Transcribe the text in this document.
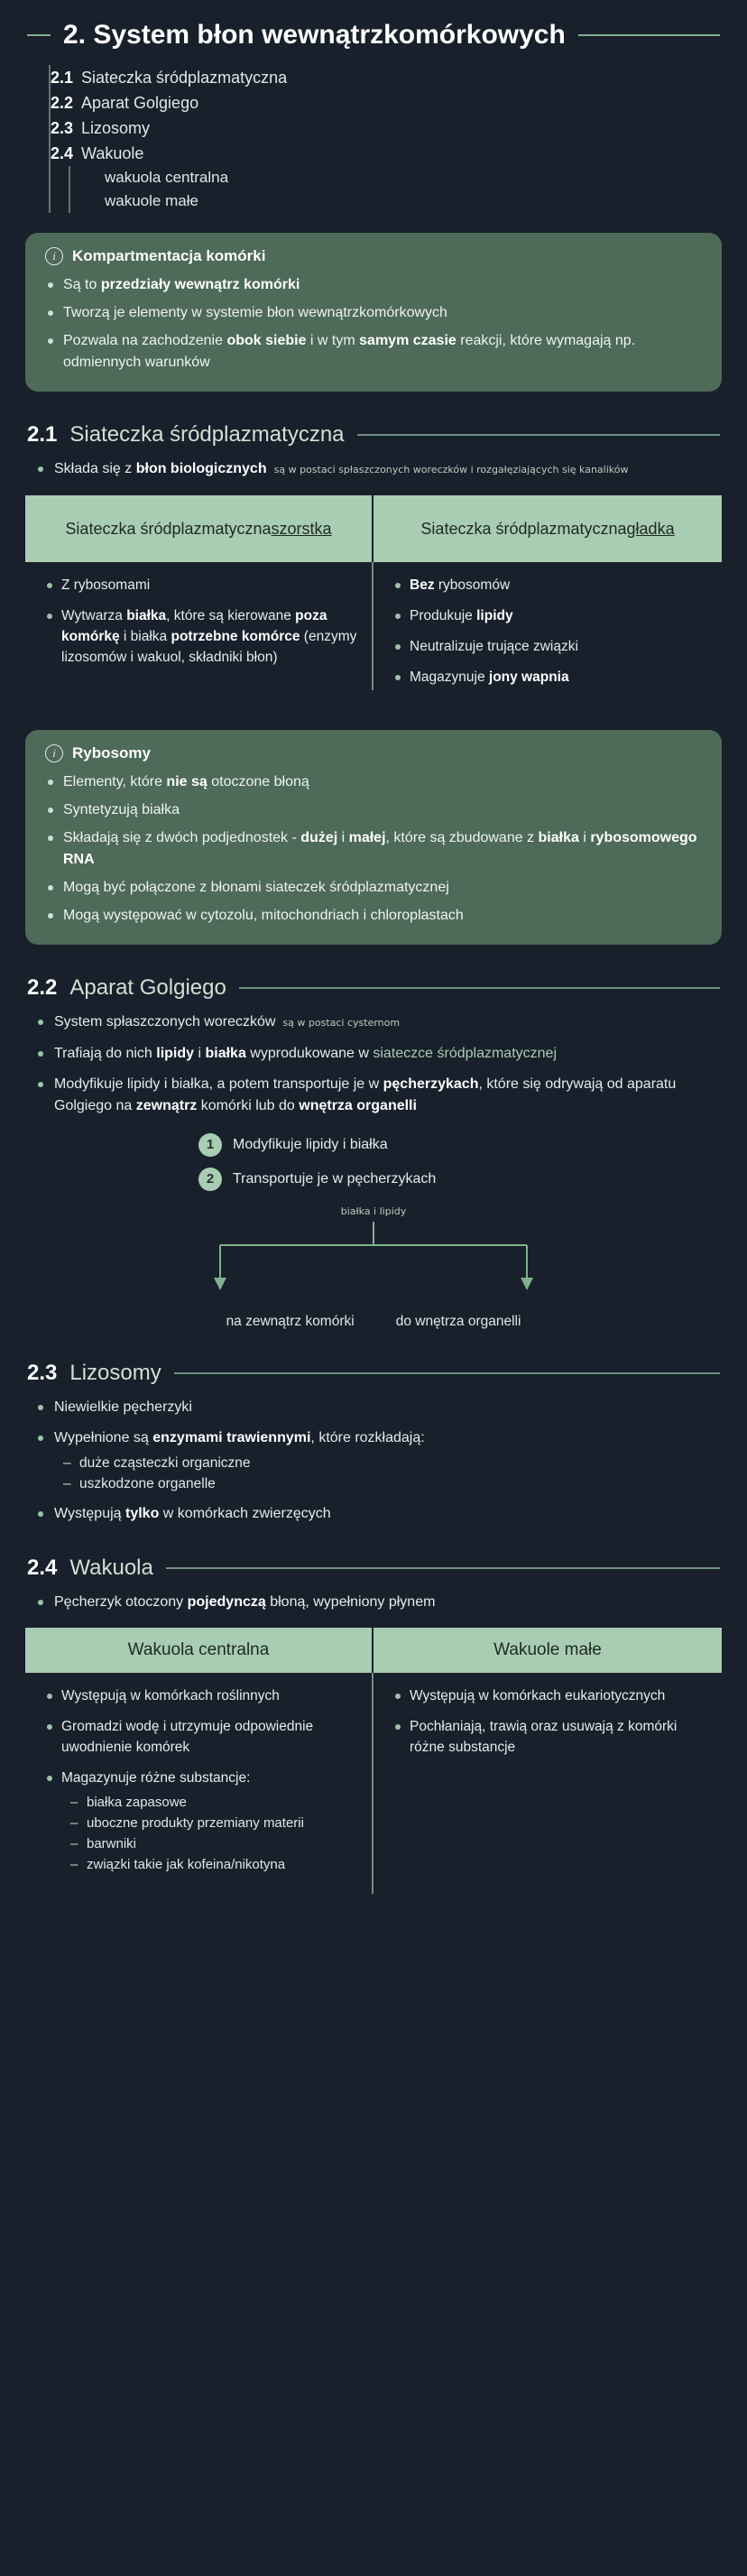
2. System błon wewnątrzkomórkowych
2.1 Siateczka śródplazmatyczna
2.2 Aparat Golgiego
2.3 Lizosomy
2.4 Wakuole
wakuola centralna
wakuole małe
i	Kompartmentacja komórki
Są to przedziały wewnątrz komórki
Tworzą je elementy w systemie błon wewnątrzkomórkowych
Pozwala na zachodzenie obok siebie i w tym samym czasie reakcji, które wymagają np. odmiennych warunków
2.1 Siateczka śródplazmatyczna
Składa się z błon biologicznych są w postaci spłaszczonych woreczków i rozgałęziających się kanalików
Siateczka śródplazmatyczna szorstka
Z rybosomami
Wytwarza białka, które są kierowane poza komórkę i białka potrzebne komórce (enzymy lizosomów i wakuol, składniki błon)
Siateczka śródplazmatyczna gładka
Bez rybosomów
Produkuje lipidy
Neutralizuje trujące związki
Magazynuje jony wapnia
i	Rybosomy
Elementy, które nie są otoczone błoną
Syntetyzują białka
Składają się z dwóch podjednostek - dużej i małej, które są zbudowane z białka i rybosomowego RNA
Mogą być połączone z błonami siateczek śródplazmatycznej
Mogą występować w cytozolu, mitochondriach i chloroplastach
2.2 Aparat Golgiego
System spłaszczonych woreczków są w postaci cysternom
Trafiają do nich lipidy i białka wyprodukowane w siateczce śródplazmatycznej
Modyfikuje lipidy i białka, a potem transportuje je w pęcherzykach, które się odrywają od aparatu Golgiego na zewnątrz komórki lub do wnętrza organelli
1	Modyfikuje lipidy i białka
2	Transportuje je w pęcherzykach
białka i lipidy
na zewnątrz komórki	do wnętrza organelli
2.3 Lizosomy
Niewielkie pęcherzyki
Wypełnione są enzymami trawiennymi, które rozkładają:
– duże cząsteczki organiczne
– uszkodzone organelle
Występują tylko w komórkach zwierzęcych
2.4 Wakuola
Pęcherzyk otoczony pojedynczą błoną, wypełniony płynem
Wakuola centralna
Występują w komórkach roślinnych
Gromadzi wodę i utrzymuje odpowiednie uwodnienie komórek
Magazynuje różne substancje:
– białka zapasowe
– uboczne produkty przemiany materii
– barwniki
– związki takie jak kofeina/nikotyna
Wakuole małe
Występują w komórkach eukariotycznych
Pochłaniają, trawią oraz usuwają z komórki różne substancje
